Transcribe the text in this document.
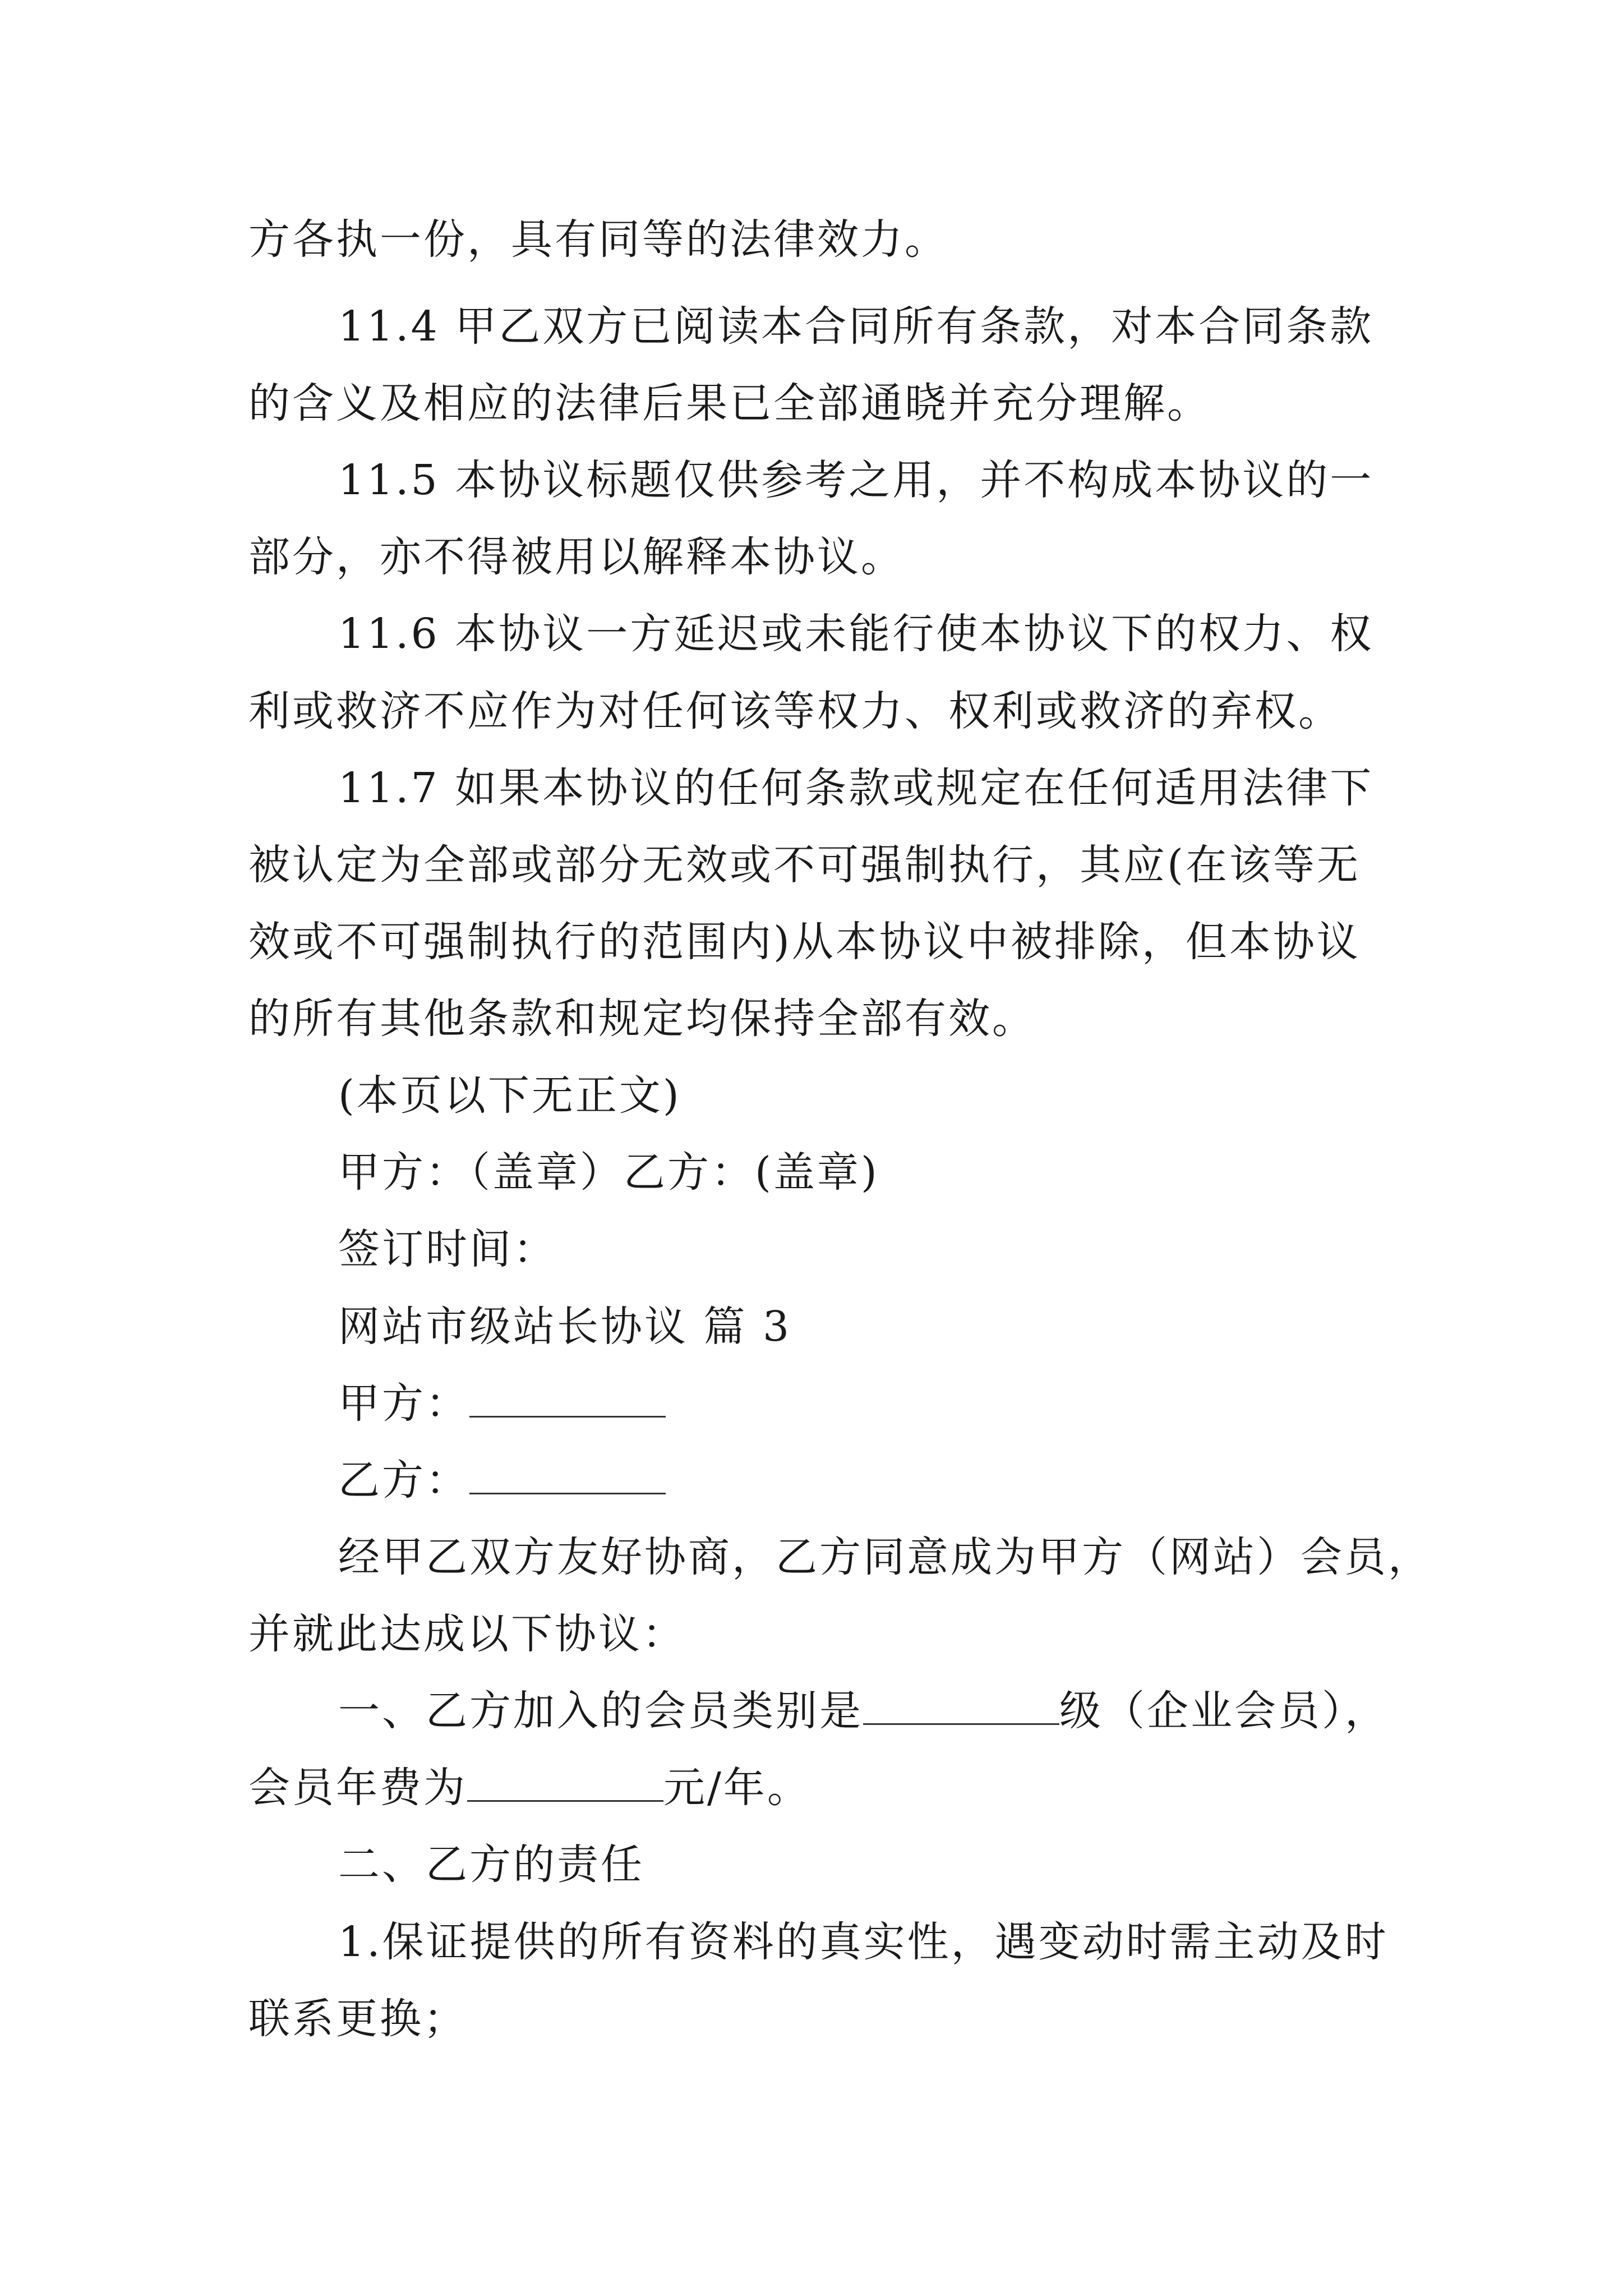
方各执一份，具有同等的法律效力。
11.4 甲乙双方已阅读本合同所有条款，对本合同条款
的含义及相应的法律后果已全部通晓并充分理解。
11.5 本协议标题仅供参考之用，并不构成本协议的一
部分，亦不得被用以解释本协议。
11.6 本协议一方延迟或未能行使本协议下的权力、权
利或救济不应作为对任何该等权力、权利或救济的弃权。
11.7 如果本协议的任何条款或规定在任何适用法律下
被认定为全部或部分无效或不可强制执行，其应(在该等无
效或不可强制执行的范围内)从本协议中被排除，但本协议
的所有其他条款和规定均保持全部有效。
(本页以下无正文)
甲方：（盖章）乙方：(盖章)
签订时间：
网站市级站长协议 篇 3
甲方：
乙方：
经甲乙双方友好协商，乙方同意成为甲方（网站）会员，
并就此达成以下协议：
一、乙方加入的会员类别是	级（企业会员），
会员年费为	元/年。
二、乙方的责任
1.保证提供的所有资料的真实性，遇变动时需主动及时
联系更换；
